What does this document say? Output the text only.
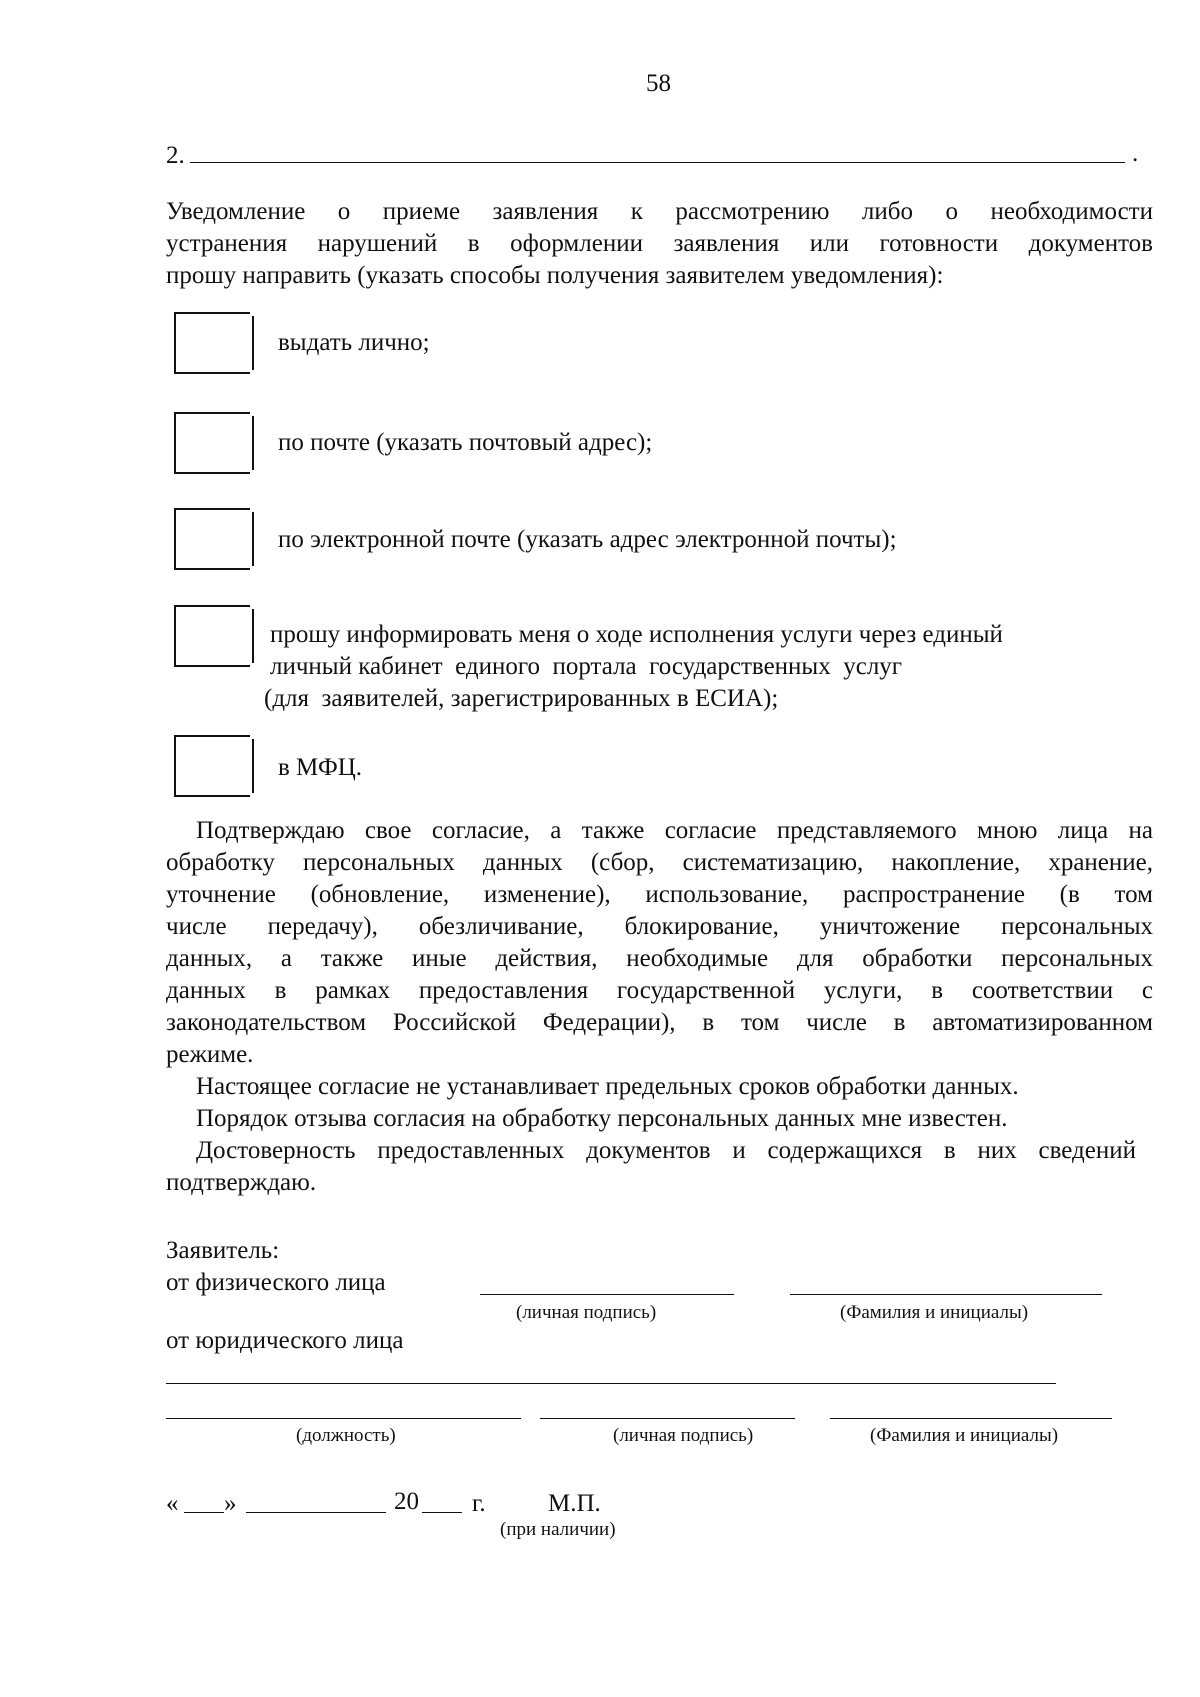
58
2.	.
Уведомление о приеме заявления к рассмотрению либо о необходимости
устранения нарушений в оформлении заявления или готовности документов
прошу направить (указать способы получения заявителем уведомления):
выдать лично;
по почте (указать почтовый адрес);
по электронной почте (указать адрес электронной почты);
прошу информировать меня о ходе исполнения услуги через единый
личный кабинет  единого  портала  государственных  услуг
(для  заявителей, зарегистрированных в ЕСИА);
в МФЦ.
Подтверждаю свое согласие, а также согласие представляемого мною лица на
обработку персональных данных (сбор, систематизацию, накопление, хранение,
уточнение (обновление, изменение), использование, распространение (в том
числе передачу), обезличивание, блокирование, уничтожение персональных
данных, а также иные действия, необходимые для обработки персональных
данных в рамках предоставления государственной услуги, в соответствии с
законодательством Российской Федерации), в том числе в автоматизированном
режиме.
Настоящее согласие не устанавливает предельных сроков обработки данных.
Порядок отзыва согласия на обработку персональных данных мне известен.
Достоверность предоставленных документов и содержащихся в них сведений
подтверждаю.
Заявитель:
от физического лица
(личная подпись)	(Фамилия и инициалы)
от юридического лица
(должность)	(личная подпись)	(Фамилия и инициалы)
« »	20 г. М.П.
(при наличии)
